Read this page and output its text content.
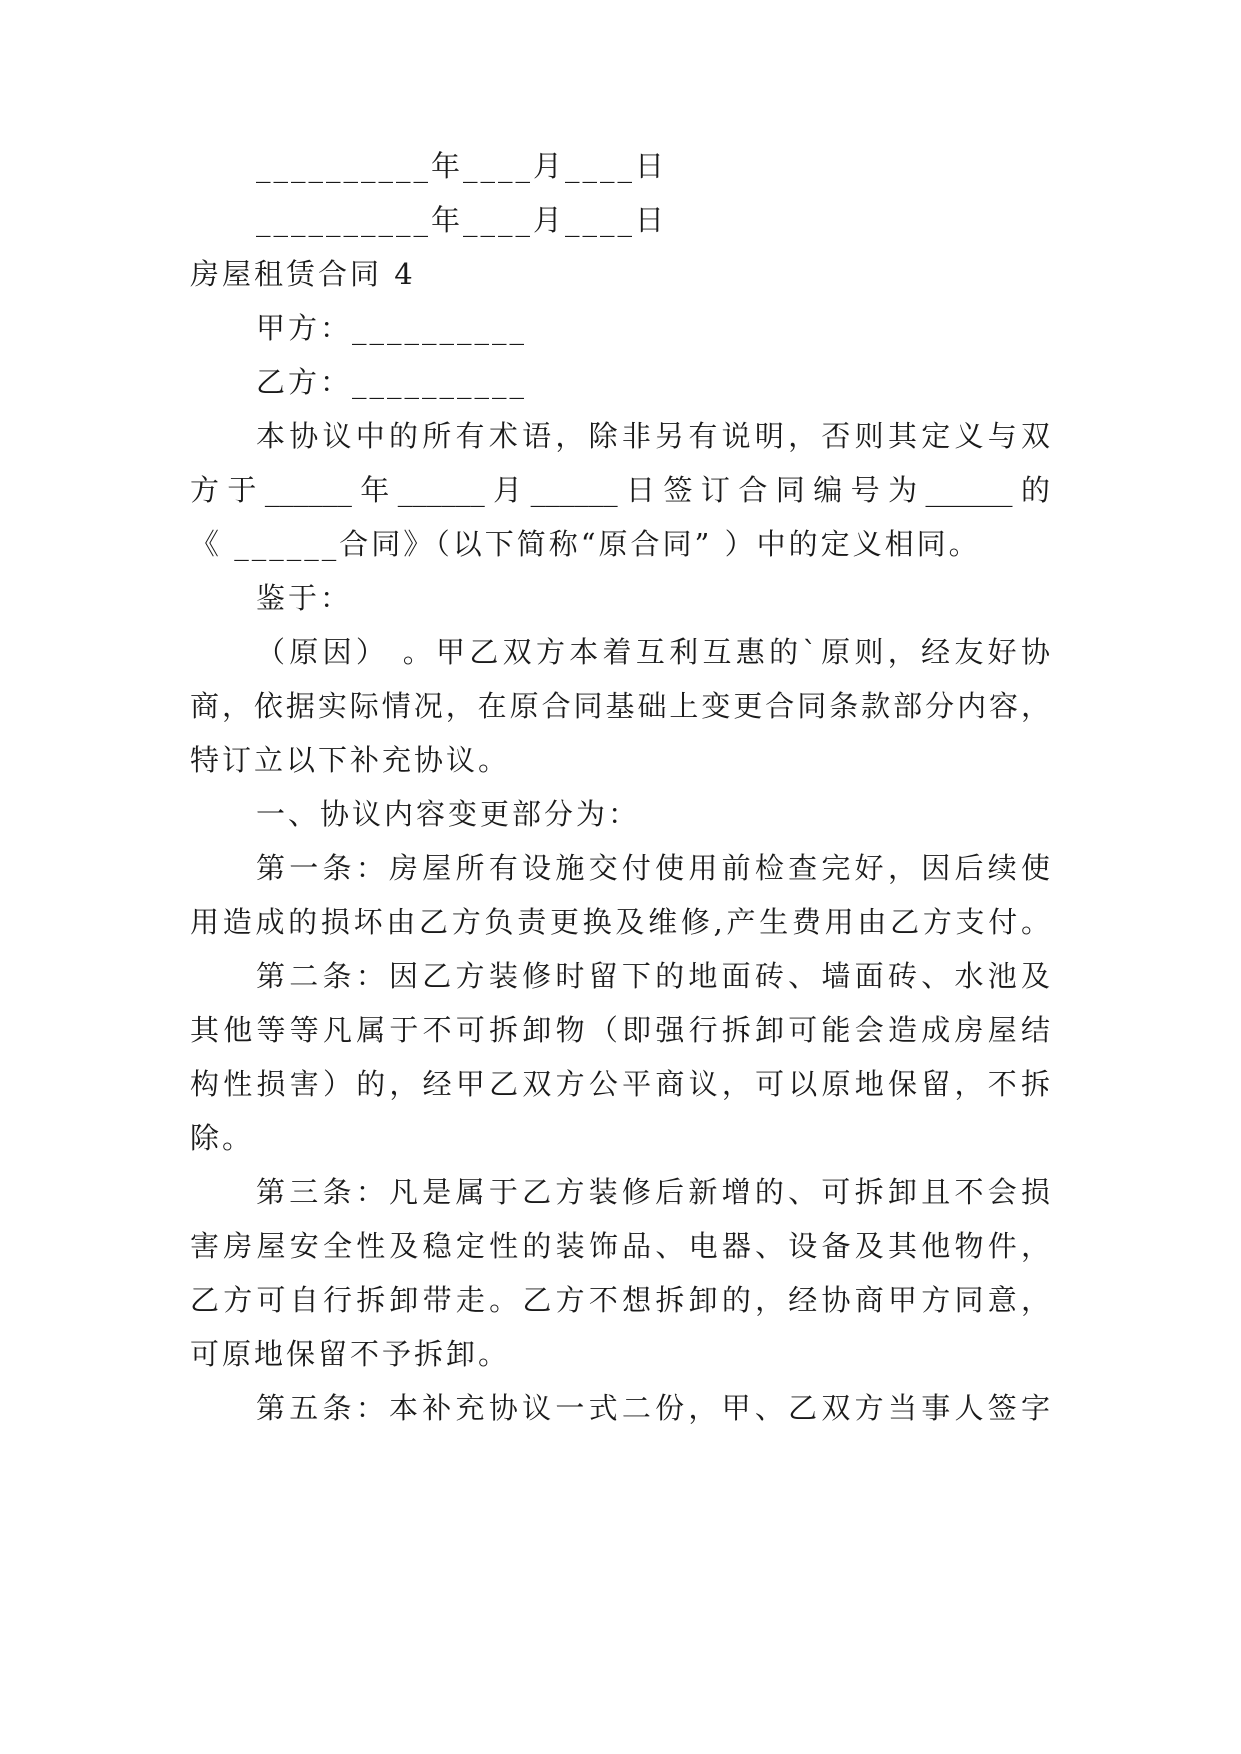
__________年____月____日
__________年____月____日
房屋租赁合同 4
甲方：__________
乙方：__________
本协议中的所有术语，除非另有说明，否则其定义与双
方于______年______月______日签订合同编号为______的
《 ______合同》（以下简称“原合同” ）中的定义相同。
鉴于：
（原因） 。甲乙双方本着互利互惠的`原则，经友好协
商，依据实际情况，在原合同基础上变更合同条款部分内容，
特订立以下补充协议。
一、协议内容变更部分为：
第一条：房屋所有设施交付使用前检查完好，因后续使
用造成的损坏由乙方负责更换及维修,产生费用由乙方支付。
第二条：因乙方装修时留下的地面砖、墙面砖、水池及
其他等等凡属于不可拆卸物（即强行拆卸可能会造成房屋结
构性损害）的，经甲乙双方公平商议，可以原地保留，不拆
除。
第三条：凡是属于乙方装修后新增的、可拆卸且不会损
害房屋安全性及稳定性的装饰品、电器、设备及其他物件，
乙方可自行拆卸带走。乙方不想拆卸的，经协商甲方同意，
可原地保留不予拆卸。
第五条：本补充协议一式二份，甲、乙双方当事人签字
